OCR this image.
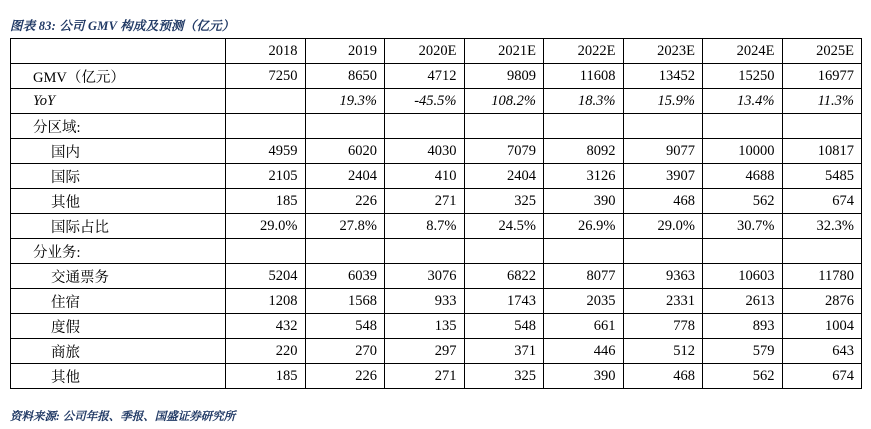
图表 83: 公司 GMV 构成及预测（亿元）
	2018	2019	2020E	2021E	2022E	2023E	2024E	2025E
GMV（亿元）	7250	8650	4712	9809	11608	13452	15250	16977
YoY		19.3%	-45.5%	108.2%	18.3%	15.9%	13.4%	11.3%
分区域:								
国内	4959	6020	4030	7079	8092	9077	10000	10817
国际	2105	2404	410	2404	3126	3907	4688	5485
其他	185	226	271	325	390	468	562	674
国际占比	29.0%	27.8%	8.7%	24.5%	26.9%	29.0%	30.7%	32.3%
分业务:								
交通票务	5204	6039	3076	6822	8077	9363	10603	11780
住宿	1208	1568	933	1743	2035	2331	2613	2876
度假	432	548	135	548	661	778	893	1004
商旅	220	270	297	371	446	512	579	643
其他	185	226	271	325	390	468	562	674
资料来源: 公司年报、季报、国盛证券研究所
